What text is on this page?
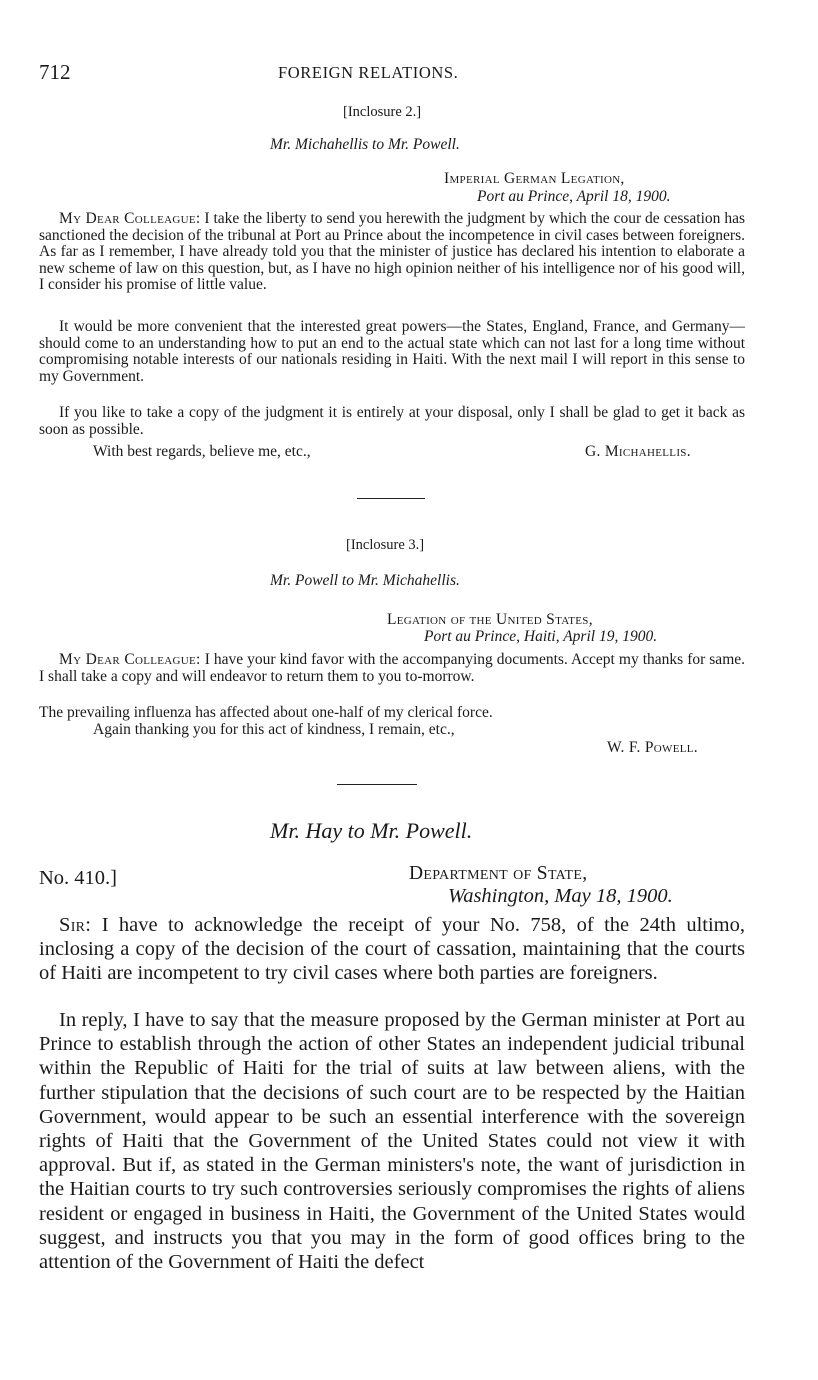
712	FOREIGN RELATIONS.
[Inclosure 2.]
Mr. Michahellis to Mr. Powell.
Imperial German Legation,
Port au Prince, April 18, 1900.
My Dear Colleague: I take the liberty to send you herewith the judgment by which the cour de cessation has sanctioned the decision of the tribunal at Port au Prince about the incompetence in civil cases between foreigners. As far as I remember, I have already told you that the minister of justice has declared his intention to elaborate a new scheme of law on this question, but, as I have no high opinion neither of his intelligence nor of his good will, I consider his promise of little value.
It would be more convenient that the interested great powers—the States, England, France, and Germany—should come to an understanding how to put an end to the actual state which can not last for a long time without compromising notable interests of our nationals residing in Haiti. With the next mail I will report in this sense to my Government.
If you like to take a copy of the judgment it is entirely at your disposal, only I shall be glad to get it back as soon as possible.
With best regards, believe me, etc.,	G. Michahellis.
[Inclosure 3.]
Mr. Powell to Mr. Michahellis.
Legation of the United States,
Port au Prince, Haiti, April 19, 1900.
My Dear Colleague: I have your kind favor with the accompanying documents. Accept my thanks for same. I shall take a copy and will endeavor to return them to you to-morrow.
The prevailing influenza has affected about one-half of my clerical force.
Again thanking you for this act of kindness, I remain, etc.,
W. F. Powell.
Mr. Hay to Mr. Powell.
No. 410.]	Department of State,
Washington, May 18, 1900.
Sir: I have to acknowledge the receipt of your No. 758, of the 24th ultimo, inclosing a copy of the decision of the court of cassation, maintaining that the courts of Haiti are incompetent to try civil cases where both parties are foreigners.
In reply, I have to say that the measure proposed by the German minister at Port au Prince to establish through the action of other States an independent judicial tribunal within the Republic of Haiti for the trial of suits at law between aliens, with the further stipulation that the decisions of such court are to be respected by the Haitian Government, would appear to be such an essential interference with the sovereign rights of Haiti that the Government of the United States could not view it with approval. But if, as stated in the German ministers's note, the want of jurisdiction in the Haitian courts to try such controversies seriously compromises the rights of aliens resident or engaged in business in Haiti, the Government of the United States would suggest, and instructs you that you may in the form of good offices bring to the attention of the Government of Haiti the defect
